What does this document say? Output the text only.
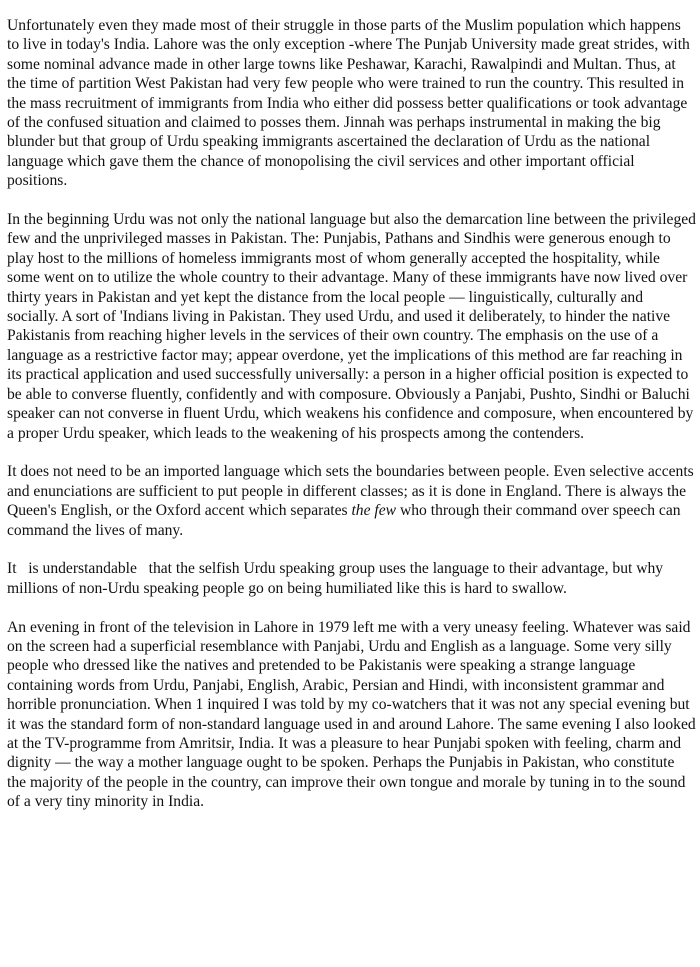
Unfortunately even they made most of their struggle in those parts of the Muslim population which happens to live in today's India. Lahore was the only exception -where The Punjab University made great strides, with some nominal advance made in other large towns like Peshawar, Karachi, Rawalpindi and Multan. Thus, at the time of partition West Pakistan had very few people who were trained to run the country. This resulted in the mass recruitment of immigrants from India who either did possess better qualifications or took advantage of the confused situation and claimed to posses them. Jinnah was perhaps instrumental in making the big blunder but that group of Urdu speaking immigrants ascertained the declaration of Urdu as the national language which gave them the chance of monopolising the civil services and other important official positions.

In the beginning Urdu was not only the national language but also the demarcation line between the privileged few and the unprivileged masses in Pakistan. The: Punjabis, Pathans and Sindhis were generous enough to play host to the millions of homeless immigrants most of whom generally accepted the hospitality, while some went on to utilize the whole country to their advantage. Many of these immigrants have now lived over thirty years in Pakistan and yet kept the distance from the local people — linguistically, culturally and socially. A sort of 'Indians living in Pakistan. They used Urdu, and used it deliberately, to hinder the native Pakistanis from reaching higher levels in the services of their own country. The emphasis on the use of a language as a restrictive factor may; appear overdone, yet the implications of this method are far reaching in its practical application and used successfully universally: a person in a higher official position is expected to be able to converse fluently, confidently and with composure. Obviously a Panjabi, Pushto, Sindhi or Baluchi speaker can not converse in fluent Urdu, which weakens his confidence and composure, when encountered by a proper Urdu speaker, which leads to the weakening of his prospects among the contenders.

It does not need to be an imported language which sets the boundaries between people. Even selective accents and enunciations are sufficient to put people in different classes; as it is done in England. There is always the Queen's English, or the Oxford accent which separates the few who through their command over speech can command the lives of many.

It   is understandable   that the selfish Urdu speaking group uses the language to their advantage, but why millions of non-Urdu speaking people go on being humiliated like this is hard to swallow.

An evening in front of the television in Lahore in 1979 left me with a very uneasy feeling. Whatever was said on the screen had a superficial resemblance with Panjabi, Urdu and English as a language. Some very silly people who dressed like the natives and pretended to be Pakistanis were speaking a strange language containing words from Urdu, Panjabi, English, Arabic, Persian and Hindi, with inconsistent grammar and horrible pronunciation. When 1 inquired I was told by my co-watchers that it was not any special evening but it was the standard form of non-standard language used in and around Lahore. The same evening I also looked at the TV-programme from Amritsir, India. It was a pleasure to hear Punjabi spoken with feeling, charm and dignity — the way a mother language ought to be spoken. Perhaps the Punjabis in Pakistan, who constitute the majority of the people in the country, can improve their own tongue and morale by tuning in to the sound of a very tiny minority in India.
